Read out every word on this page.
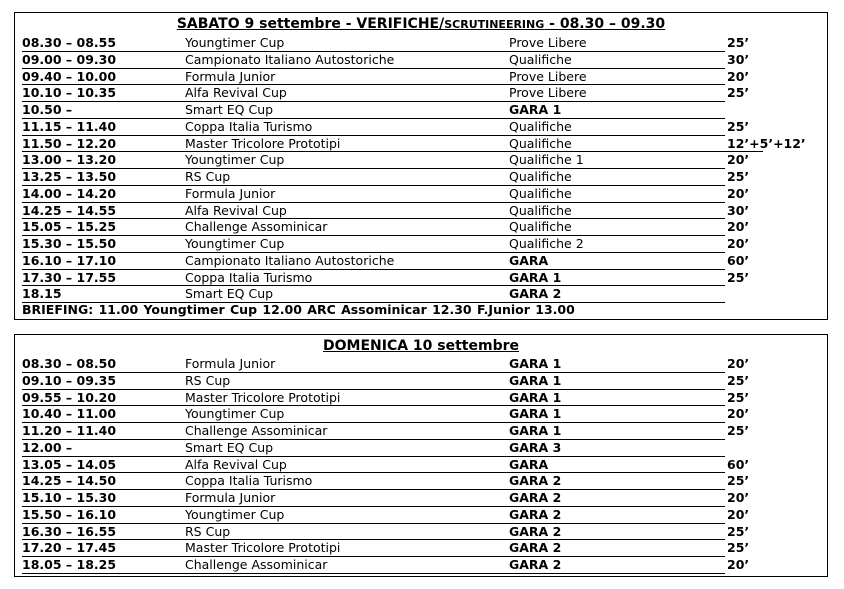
SABATO 9 settembre - VERIFICHE/SCRUTINEERING - 08.30 – 09.30
08.30 – 08.55	Youngtimer Cup	Prove Libere	25’
09.00 – 09.30	Campionato Italiano Autostoriche	Qualifiche	30’
09.40 – 10.00	Formula Junior	Prove Libere	20’
10.10 – 10.35	Alfa Revival Cup	Prove Libere	25’
10.50 –	Smart EQ Cup	GARA 1
11.15 – 11.40	Coppa Italia Turismo	Qualifiche	25’
11.50 – 12.20	Master Tricolore Prototipi	Qualifiche	12’+5’+12’
13.00 – 13.20	Youngtimer Cup	Qualifiche 1	20’
13.25 – 13.50	RS Cup	Qualifiche	25’
14.00 – 14.20	Formula Junior	Qualifiche	20’
14.25 – 14.55	Alfa Revival Cup	Qualifiche	30’
15.05 – 15.25	Challenge Assominicar	Qualifiche	20’
15.30 – 15.50	Youngtimer Cup	Qualifiche 2	20’
16.10 – 17.10	Campionato Italiano Autostoriche	GARA	60’
17.30 – 17.55	Coppa Italia Turismo	GARA 1	25’
18.15	Smart EQ Cup	GARA 2
BRIEFING: 11.00 Youngtimer Cup 12.00 ARC Assominicar 12.30 F.Junior 13.00
DOMENICA 10 settembre
08.30 – 08.50	Formula Junior	GARA 1	20’
09.10 – 09.35	RS Cup	GARA 1	25’
09.55 – 10.20	Master Tricolore Prototipi	GARA 1	25’
10.40 – 11.00	Youngtimer Cup	GARA 1	20’
11.20 – 11.40	Challenge Assominicar	GARA 1	25’
12.00 –	Smart EQ Cup	GARA 3
13.05 – 14.05	Alfa Revival Cup	GARA	60’
14.25 – 14.50	Coppa Italia Turismo	GARA 2	25’
15.10 – 15.30	Formula Junior	GARA 2	20’
15.50 – 16.10	Youngtimer Cup	GARA 2	20’
16.30 – 16.55	RS Cup	GARA 2	25’
17.20 – 17.45	Master Tricolore Prototipi	GARA 2	25’
18.05 – 18.25	Challenge Assominicar	GARA 2	20’
